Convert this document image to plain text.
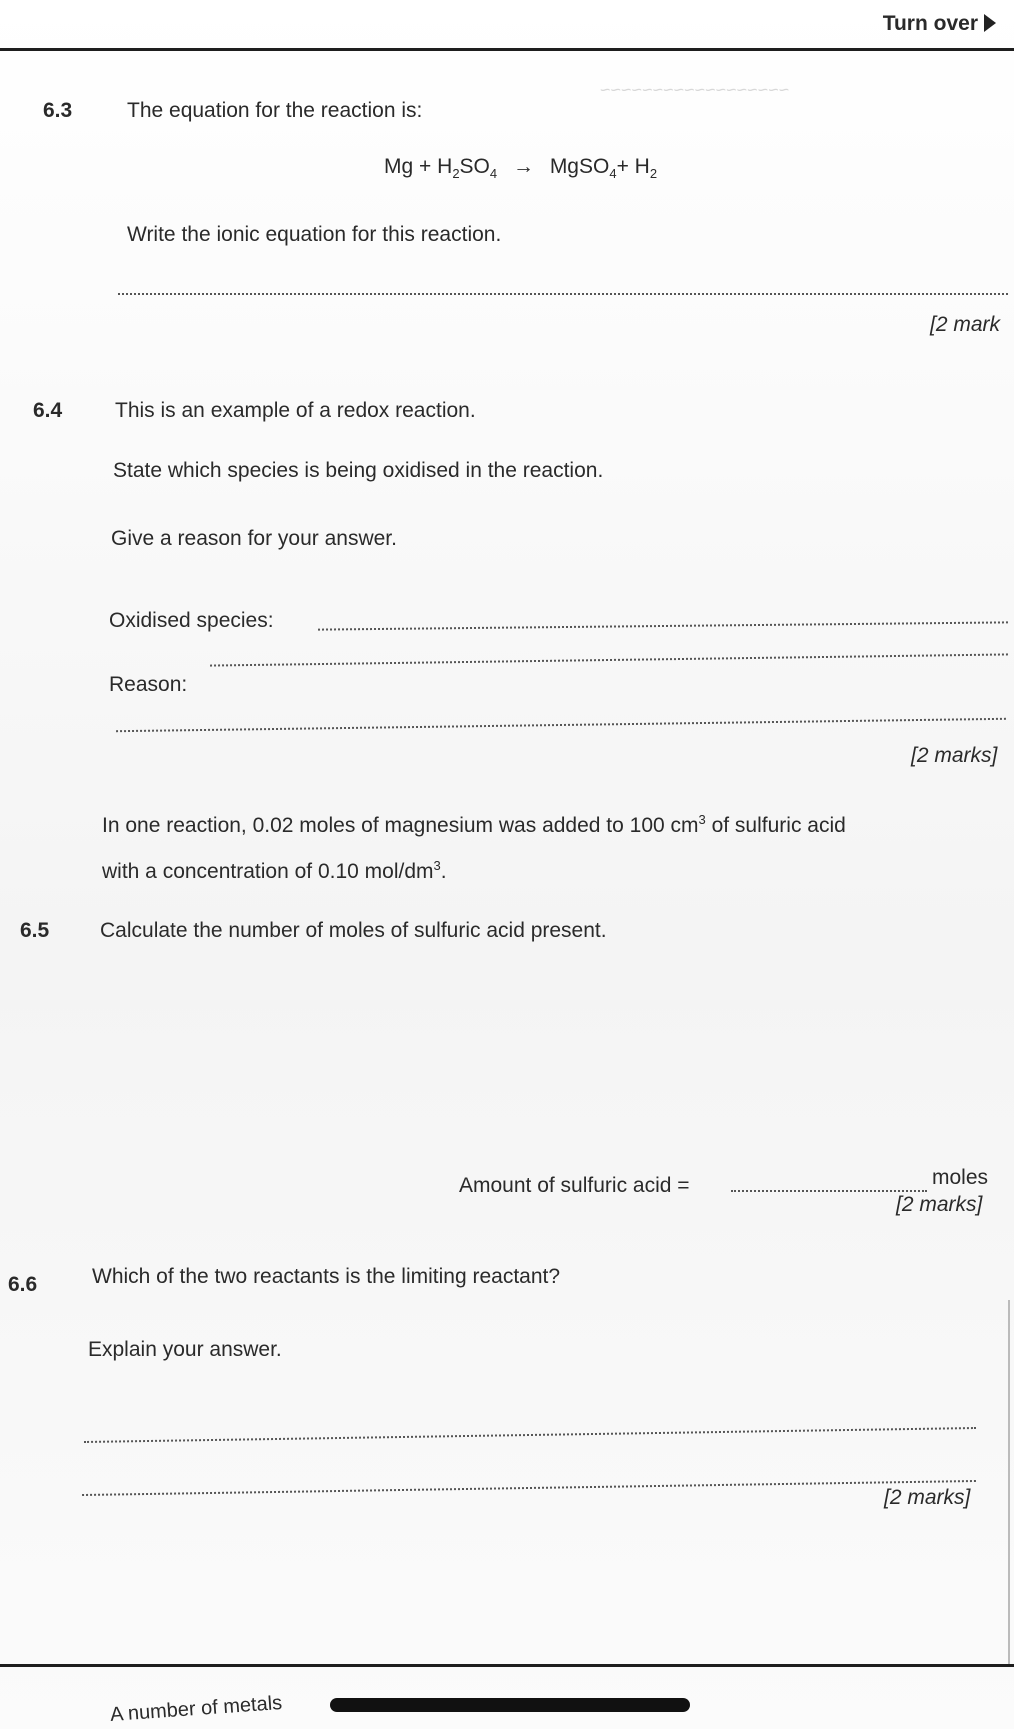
Turn over
~~~~~~~~~~~~~~~~~~
6.3	The equation for the reaction is:
$Mg + H_2SO_4$ → MgSO$_4$+ $H_2$
Write the ionic equation for this reaction.
[2 mark
6.4	This is an example of a redox reaction.
State which species is being oxidised in the reaction.
Give a reason for your answer.
Oxidised species:
Reason:
[2 marks]
In one reaction, 0.02 moles of magnesium was added to 100 $cm^3$ of sulfuric acid
with a concentration of 0.10 mol/$dm^3$.
6.5 Calculate the number of moles of sulfuric acid present.
Amount of sulfuric acid =	moles
[2 marks]
6.6	Which of the two reactants is the limiting reactant?
Explain your answer.
[2 marks]
A number of metals
